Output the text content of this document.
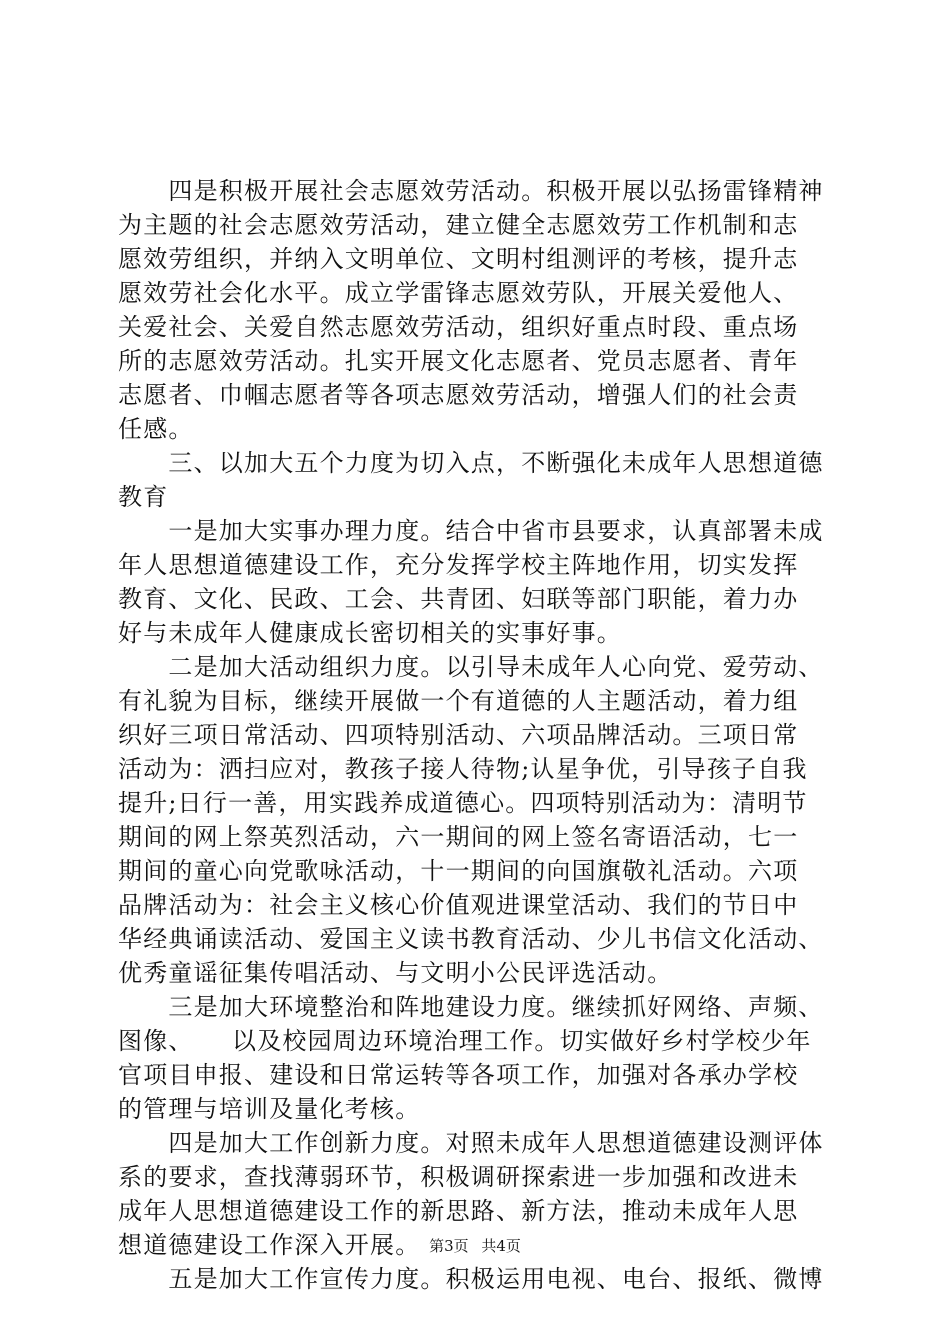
　　四是积极开展社会志愿效劳活动。积极开展以弘扬雷锋精神

为主题的社会志愿效劳活动，建立健全志愿效劳工作机制和志

愿效劳组织，并纳入文明单位、文明村组测评的考核，提升志

愿效劳社会化水平。成立学雷锋志愿效劳队，开展关爱他人、

关爱社会、关爱自然志愿效劳活动，组织好重点时段、重点场

所的志愿效劳活动。扎实开展文化志愿者、党员志愿者、青年

志愿者、巾帼志愿者等各项志愿效劳活动，增强人们的社会责

任感。

　　三、以加大五个力度为切入点，不断强化未成年人思想道德

教育

　　一是加大实事办理力度。结合中省市县要求，认真部署未成

年人思想道德建设工作，充分发挥学校主阵地作用，切实发挥

教育、文化、民政、工会、共青团、妇联等部门职能，着力办

好与未成年人健康成长密切相关的实事好事。

　　二是加大活动组织力度。以引导未成年人心向党、爱劳动、

有礼貌为目标，继续开展做一个有道德的人主题活动，着力组

织好三项日常活动、四项特别活动、六项品牌活动。三项日常

活动为：洒扫应对，教孩子接人待物;认星争优，引导孩子自我

提升;日行一善，用实践养成道德心。四项特别活动为：清明节

期间的网上祭英烈活动，六一期间的网上签名寄语活动，七一

期间的童心向党歌咏活动，十一期间的向国旗敬礼活动。六项

品牌活动为：社会主义核心价值观进课堂活动、我们的节日中

华经典诵读活动、爱国主义读书教育活动、少儿书信文化活动、

优秀童谣征集传唱活动、与文明小公民评选活动。

　　三是加大环境整治和阵地建设力度。继续抓好网络、声频、

图像、　　以及校园周边环境治理工作。切实做好乡村学校少年

官项目申报、建设和日常运转等各项工作，加强对各承办学校

的管理与培训及量化考核。

　　四是加大工作创新力度。对照未成年人思想道德建设测评体

系的要求，查找薄弱环节，积极调研探索进一步加强和改进未

成年人思想道德建设工作的新思路、新方法，推动未成年人思

想道德建设工作深入开展。

　　五是加大工作宣传力度。积极运用电视、电台、报纸、微博

第3页 共4页
